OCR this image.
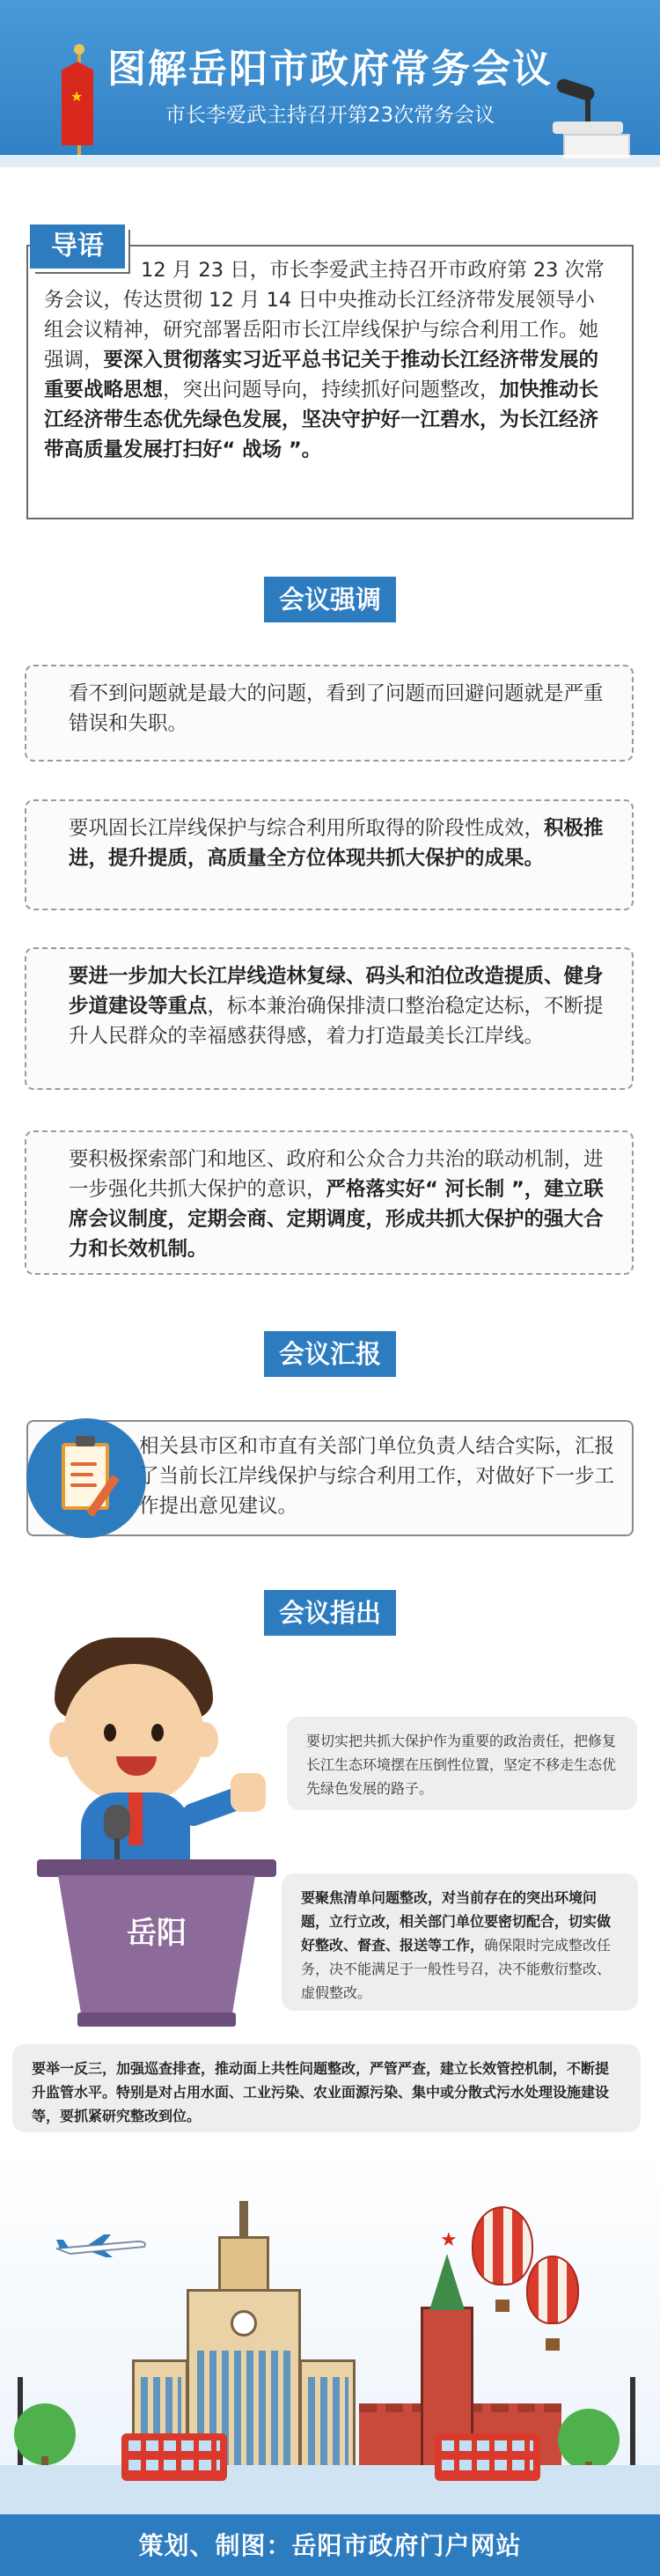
★
图解岳阳市政府常务会议
市长李爱武主持召开第23次常务会议
导语
12 月 23 日，市长李爱武主持召开市政府第 23 次常务会议，传达贯彻 12 月 14 日中央推动长江经济带发展领导小组会议精神，研究部署岳阳市长江岸线保护与综合利用工作。她强调，要深入贯彻落实习近平总书记关于推动长江经济带发展的重要战略思想，突出问题导向，持续抓好问题整改，加快推动长江经济带生态优先绿色发展，坚决守护好一江碧水，为长江经济带高质量发展打扫好“ 战场 ”。
会议强调
看不到问题就是最大的问题，看到了问题而回避问题就是严重错误和失职。
要巩固长江岸线保护与综合利用所取得的阶段性成效，积极推进，提升提质，高质量全方位体现共抓大保护的成果。
要进一步加大长江岸线造林复绿、码头和泊位改造提质、健身步道建设等重点，标本兼治确保排渍口整治稳定达标，不断提升人民群众的幸福感获得感，着力打造最美长江岸线。
要积极探索部门和地区、政府和公众合力共治的联动机制，进一步强化共抓大保护的意识，严格落实好“ 河长制 ”，建立联席会议制度，定期会商、定期调度，形成共抓大保护的强大合力和长效机制。
会议汇报
相关县市区和市直有关部门单位负责人结合实际，汇报了当前长江岸线保护与综合利用工作，对做好下一步工作提出意见建议。
会议指出
岳阳
要切实把共抓大保护作为重要的政治责任，把修复长江生态环境摆在压倒性位置，坚定不移走生态优先绿色发展的路子。
要聚焦清单问题整改，对当前存在的突出环境问题，立行立改，相关部门单位要密切配合，切实做好整改、督查、报送等工作，确保限时完成整改任务，决不能满足于一般性号召，决不能敷衍整改、虚假整改。
要举一反三，加强巡查排查，推动面上共性问题整改，严管严查，建立长效管控机制，不断提升监管水平。特别是对占用水面、工业污染、农业面源污染、集中或分散式污水处理设施建设等，要抓紧研究整改到位。
★
策划、制图：岳阳市政府门户网站
